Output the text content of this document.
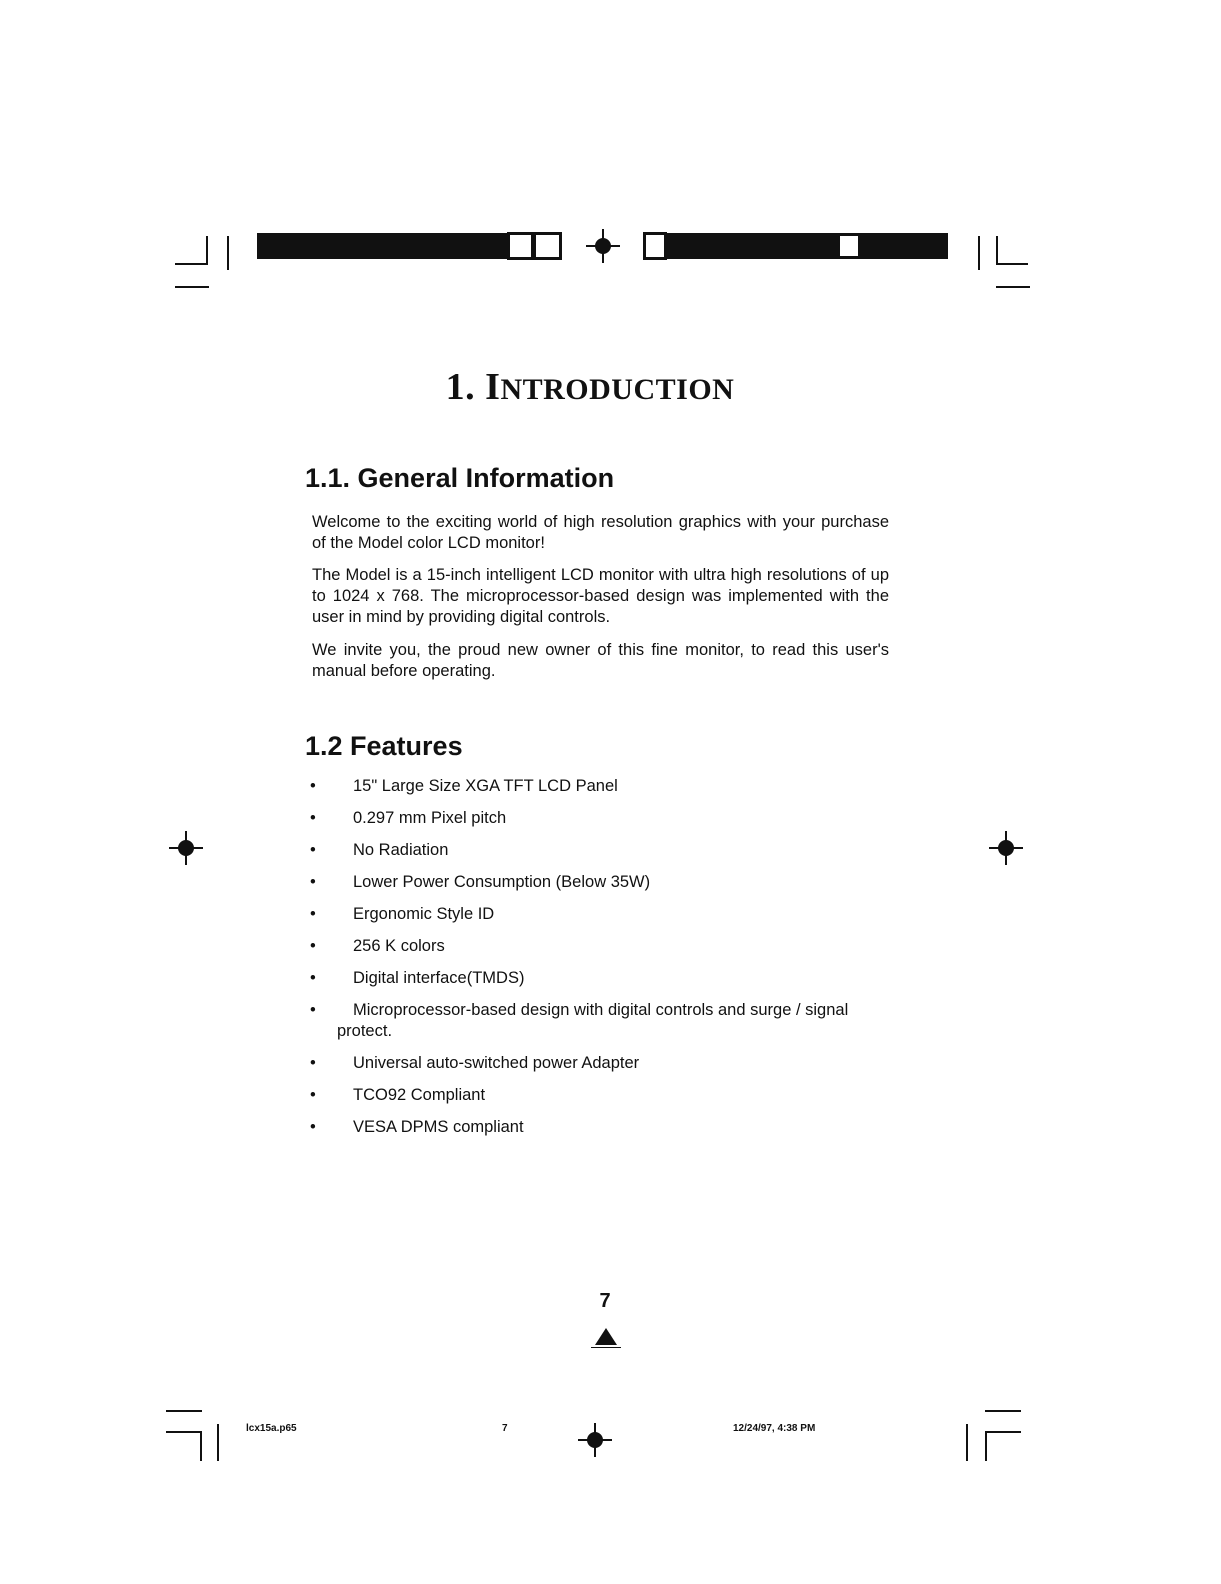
1. INTRODUCTION
1.1. General Information

Welcome to the exciting world of high resolution graphics with your purchase of the Model color LCD monitor!

The Model is a 15-inch intelligent LCD monitor with ultra high resolutions of up to 1024 x 768. The microprocessor-based design was implemented with the user in mind by providing digital controls.

We invite you, the proud new owner of this fine monitor, to read this user's manual before operating.

1.2 Features
•	15" Large Size XGA TFT LCD Panel
•	0.297 mm Pixel pitch
•	No Radiation
•	Lower Power Consumption (Below 35W)
•	Ergonomic Style ID
•	256 K colors
•	Digital interface(TMDS)
•	Microprocessor-based design with digital controls and surge / signal protect.
•	Universal auto-switched power Adapter
•	TCO92 Compliant
•	VESA DPMS compliant
7
lcx15a.p65	7	12/24/97, 4:38 PM
